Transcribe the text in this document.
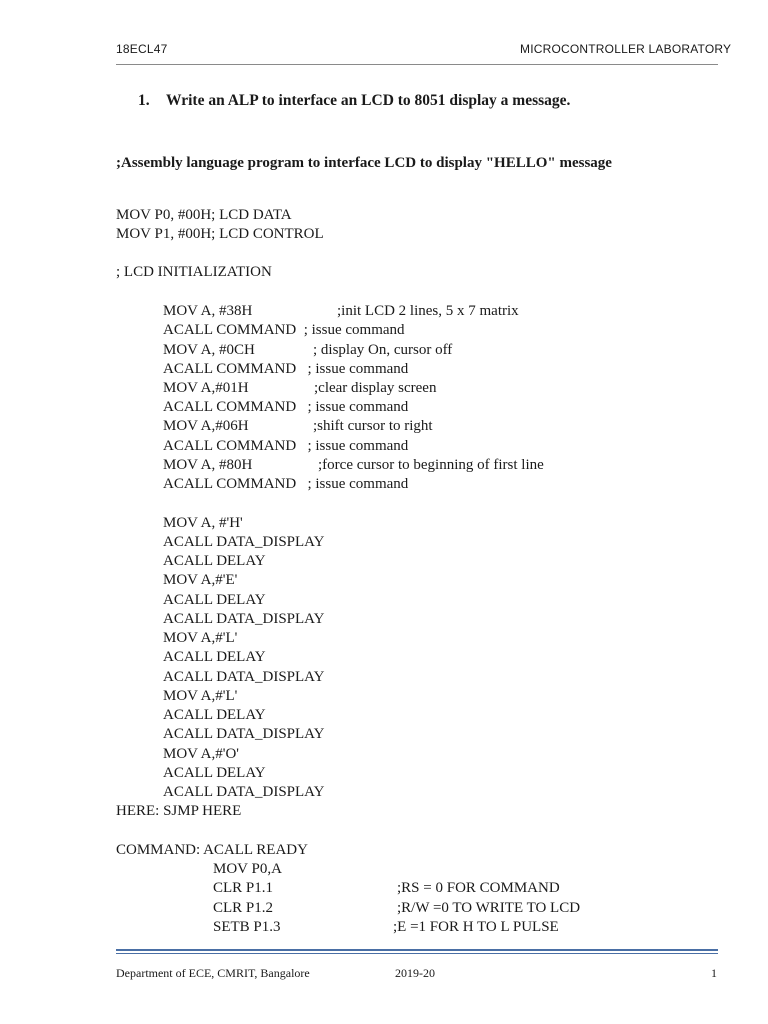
18ECL47	MICROCONTROLLER LABORATORY
1. Write an ALP to interface an LCD to 8051 display a message.
;Assembly language program to interface LCD to display "HELLO" message
MOV P0, #00H; LCD DATA
MOV P1, #00H; LCD CONTROL
; LCD INITIALIZATION
MOV A, #38H	;init LCD 2 lines, 5 x 7 matrix
ACALL COMMAND  ; issue command
MOV A, #0CH	; display On, cursor off
ACALL COMMAND   ; issue command
MOV A,#01H	;clear display screen
ACALL COMMAND   ; issue command
MOV A,#06H	;shift cursor to right
ACALL COMMAND   ; issue command
MOV A, #80H	;force cursor to beginning of first line
ACALL COMMAND   ; issue command
MOV A, #'H'
ACALL DATA_DISPLAY
ACALL DELAY
MOV A,#'E'
ACALL DELAY
ACALL DATA_DISPLAY
MOV A,#'L'
ACALL DELAY
ACALL DATA_DISPLAY
MOV A,#'L'
ACALL DELAY
ACALL DATA_DISPLAY
MOV A,#'O'
ACALL DELAY
ACALL DATA_DISPLAY
HERE: SJMP HERE
COMMAND: ACALL READY
MOV P0,A
CLR P1.1	;RS = 0 FOR COMMAND
CLR P1.2	;R/W =0 TO WRITE TO LCD
SETB P1.3	;E =1 FOR H TO L PULSE
Department of ECE, CMRIT, Bangalore	2019-20	1
